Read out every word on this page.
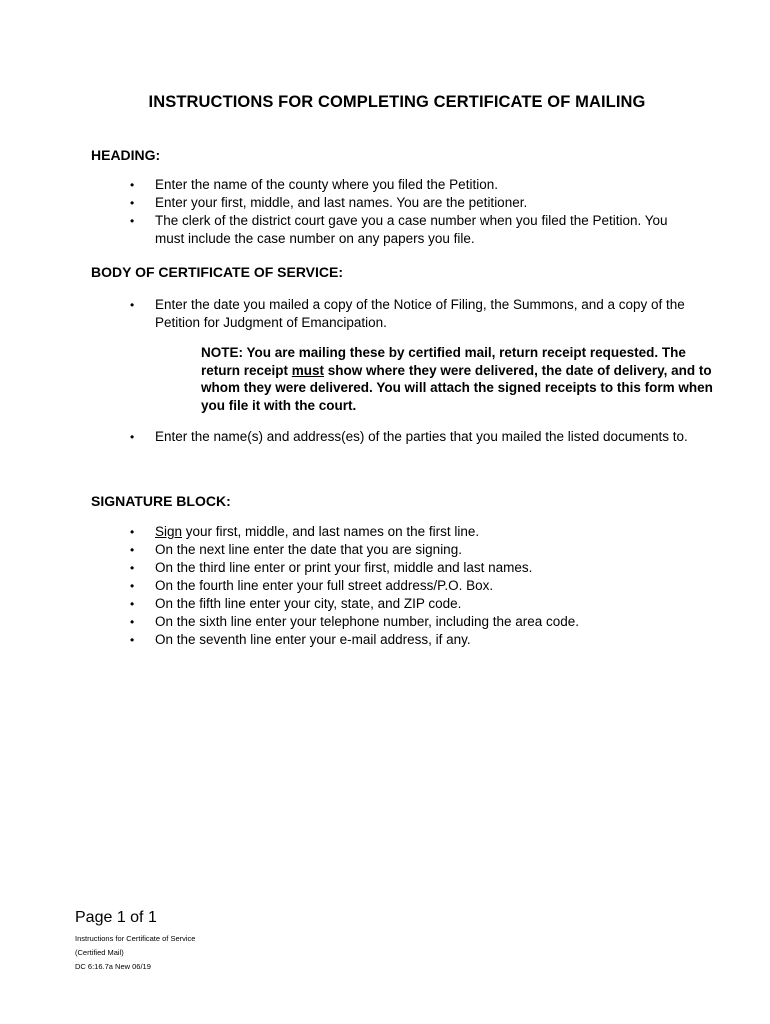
INSTRUCTIONS FOR COMPLETING CERTIFICATE OF MAILING
HEADING:
• Enter the name of the county where you filed the Petition.
• Enter your first, middle, and last names. You are the petitioner.
• The clerk of the district court gave you a case number when you filed the Petition. You must include the case number on any papers you file.
BODY OF CERTIFICATE OF SERVICE:
• Enter the date you mailed a copy of the Notice of Filing, the Summons, and a copy of the Petition for Judgment of Emancipation.

NOTE: You are mailing these by certified mail, return receipt requested. The return receipt must show where they were delivered, the date of delivery, and to whom they were delivered. You will attach the signed receipts to this form when you file it with the court.

• Enter the name(s) and address(es) of the parties that you mailed the listed documents to.
SIGNATURE BLOCK:
• Sign your first, middle, and last names on the first line.
• On the next line enter the date that you are signing.
• On the third line enter or print your first, middle and last names.
• On the fourth line enter your full street address/P.O. Box.
• On the fifth line enter your city, state, and ZIP code.
• On the sixth line enter your telephone number, including the area code.
• On the seventh line enter your e-mail address, if any.

Page 1 of 1

Instructions for Certificate of Service

(Certified Mail)

DC 6:16.7a New 06/19
